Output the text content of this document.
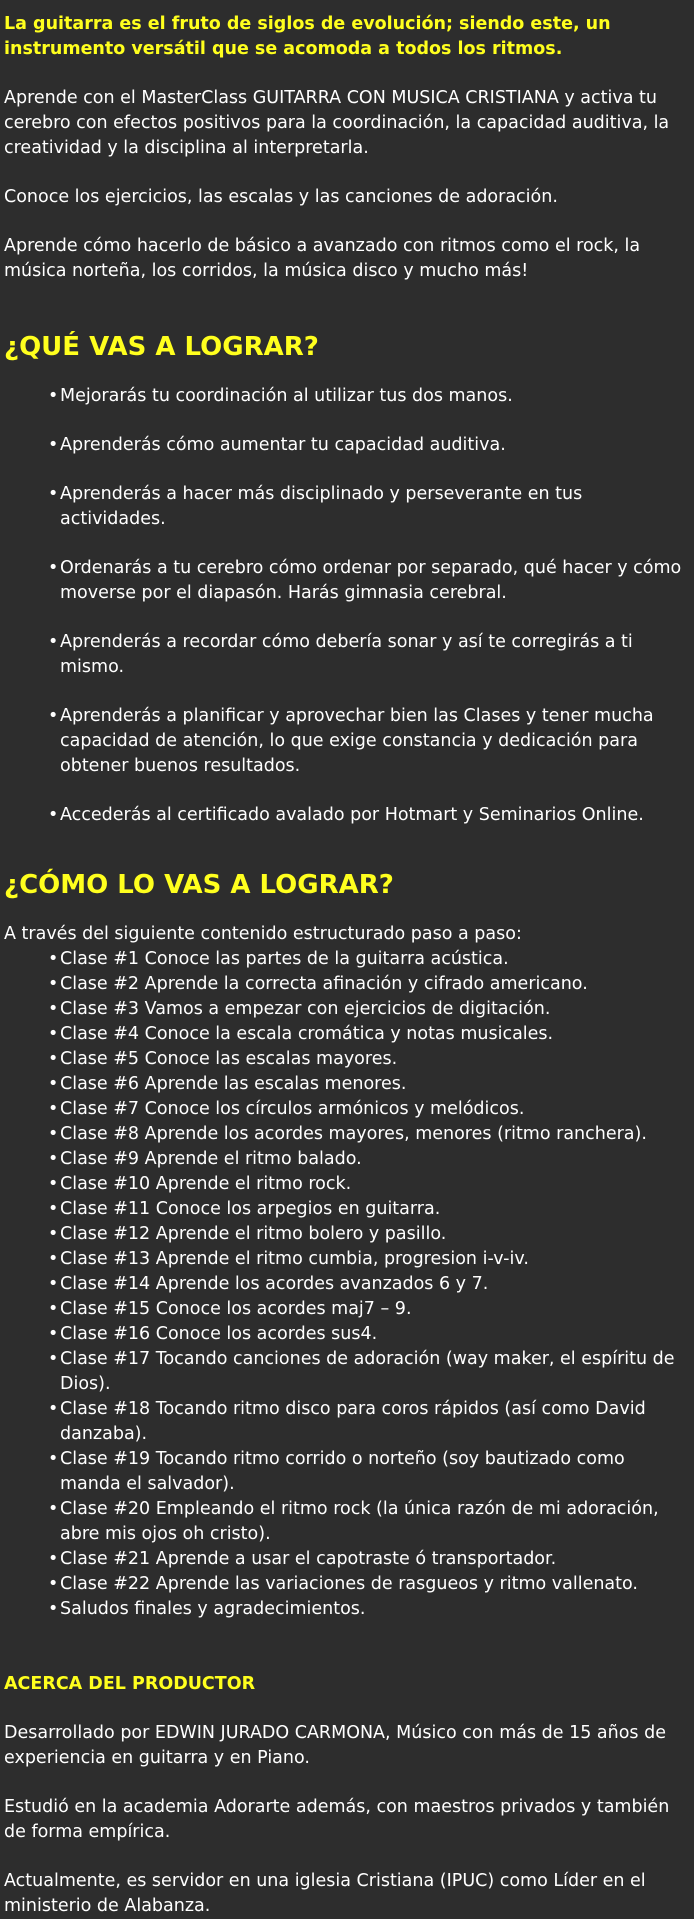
La guitarra es el fruto de siglos de evolución; siendo este, un instrumento versátil que se acomoda a todos los ritmos.

Aprende con el MasterClass GUITARRA CON MUSICA CRISTIANA y activa tu cerebro con efectos positivos para la coordinación, la capacidad auditiva, la creatividad y la disciplina al interpretarla.

Conoce los ejercicios, las escalas y las canciones de adoración.

Aprende cómo hacerlo de básico a avanzado con ritmos como el rock, la música norteña, los corridos, la música disco y mucho más!

¿QUÉ VAS A LOGRAR?
• Mejorarás tu coordinación al utilizar tus dos manos.
• Aprenderás cómo aumentar tu capacidad auditiva.
• Aprenderás a hacer más disciplinado y perseverante en tus actividades.
• Ordenarás a tu cerebro cómo ordenar por separado, qué hacer y cómo moverse por el diapasón. Harás gimnasia cerebral.
• Aprenderás a recordar cómo debería sonar y así te corregirás a ti mismo.
• Aprenderás a planificar y aprovechar bien las Clases y tener mucha capacidad de atención, lo que exige constancia y dedicación para obtener buenos resultados.
• Accederás al certificado avalado por Hotmart y Seminarios Online.
¿CÓMO LO VAS A LOGRAR?

A través del siguiente contenido estructurado paso a paso:

• Clase #1 Conoce las partes de la guitarra acústica.
• Clase #2 Aprende la correcta afinación y cifrado americano.
• Clase #3 Vamos a empezar con ejercicios de digitación.
• Clase #4 Conoce la escala cromática y notas musicales.
• Clase #5 Conoce las escalas mayores.
• Clase #6 Aprende las escalas menores.
• Clase #7 Conoce los círculos armónicos y melódicos.
• Clase #8 Aprende los acordes mayores, menores (ritmo ranchera).
• Clase #9 Aprende el ritmo balado.
• Clase #10 Aprende el ritmo rock.
• Clase #11 Conoce los arpegios en guitarra.
• Clase #12 Aprende el ritmo bolero y pasillo.
• Clase #13 Aprende el ritmo cumbia, progresion i-v-iv.
• Clase #14 Aprende los acordes avanzados 6 y 7.
• Clase #15 Conoce los acordes maj7 – 9.
• Clase #16 Conoce los acordes sus4.
• Clase #17 Tocando canciones de adoración (way maker, el espíritu de Dios).
• Clase #18 Tocando ritmo disco para coros rápidos (así como David danzaba).
• Clase #19 Tocando ritmo corrido o norteño (soy bautizado como manda el salvador).
• Clase #20 Empleando el ritmo rock (la única razón de mi adoración, abre mis ojos oh cristo).
• Clase #21 Aprende a usar el capotraste ó transportador.
• Clase #22 Aprende las variaciones de rasgueos y ritmo vallenato.
• Saludos finales y agradecimientos.
ACERCA DEL PRODUCTOR

Desarrollado por EDWIN JURADO CARMONA, Músico con más de 15 años de experiencia en guitarra y en Piano.

Estudió en la academia Adorarte además, con maestros privados y también de forma empírica.

Actualmente, es servidor en una iglesia Cristiana (IPUC) como Líder en el ministerio de Alabanza.
